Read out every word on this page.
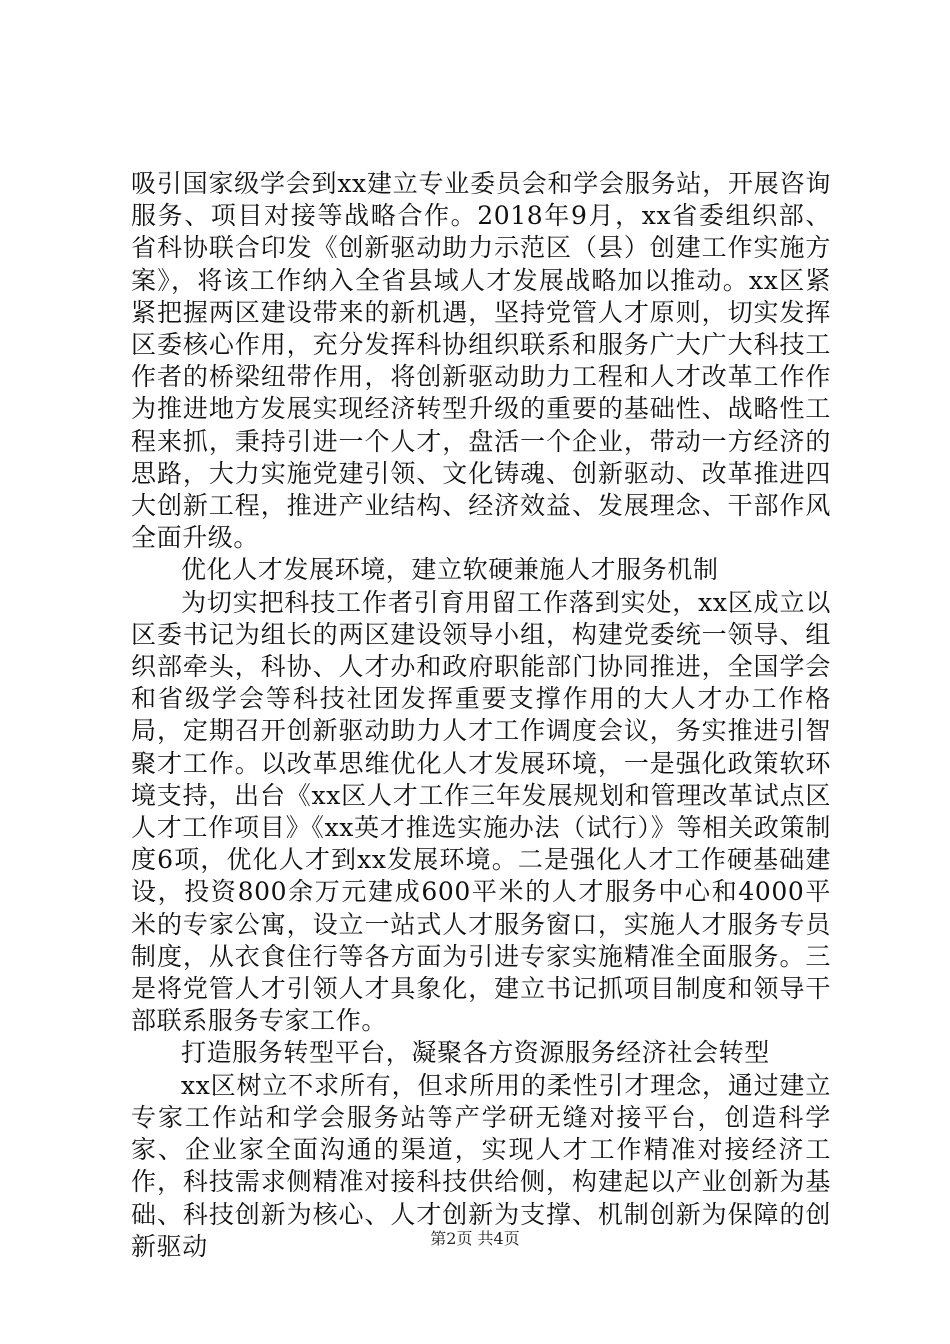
吸引国家级学会到xx建立专业委员会和学会服务站，开展咨询服务、项目对接等战略合作。2018年9月，xx省委组织部、省科协联合印发《创新驱动助力示范区（县）创建工作实施方案》，将该工作纳入全省县域人才发展战略加以推动。xx区紧紧把握两区建设带来的新机遇，坚持党管人才原则，切实发挥区委核心作用，充分发挥科协组织联系和服务广大广大科技工作者的桥梁纽带作用，将创新驱动助力工程和人才改革工作作为推进地方发展实现经济转型升级的重要的基础性、战略性工程来抓，秉持引进一个人才，盘活一个企业，带动一方经济的思路，大力实施党建引领、文化铸魂、创新驱动、改革推进四大创新工程，推进产业结构、经济效益、发展理念、干部作风全面升级。

优化人才发展环境，建立软硬兼施人才服务机制

为切实把科技工作者引育用留工作落到实处，xx区成立以区委书记为组长的两区建设领导小组，构建党委统一领导、组织部牵头，科协、人才办和政府职能部门协同推进，全国学会和省级学会等科技社团发挥重要支撑作用的大人才办工作格局，定期召开创新驱动助力人才工作调度会议，务实推进引智聚才工作。以改革思维优化人才发展环境，一是强化政策软环境支持，出台《xx区人才工作三年发展规划和管理改革试点区人才工作项目》《xx英才推选实施办法（试行）》等相关政策制度6项，优化人才到xx发展环境。二是强化人才工作硬基础建设，投资800余万元建成600平米的人才服务中心和4000平米的专家公寓，设立一站式人才服务窗口，实施人才服务专员制度，从衣食住行等各方面为引进专家实施精准全面服务。三是将党管人才引领人才具象化，建立书记抓项目制度和领导干部联系服务专家工作。

打造服务转型平台，凝聚各方资源服务经济社会转型

xx区树立不求所有，但求所用的柔性引才理念，通过建立专家工作站和学会服务站等产学研无缝对接平台，创造科学家、企业家全面沟通的渠道，实现人才工作精准对接经济工作，科技需求侧精准对接科技供给侧，构建起以产业创新为基础、科技创新为核心、人才创新为支撑、机制创新为保障的创新驱动	第2页 共4页
